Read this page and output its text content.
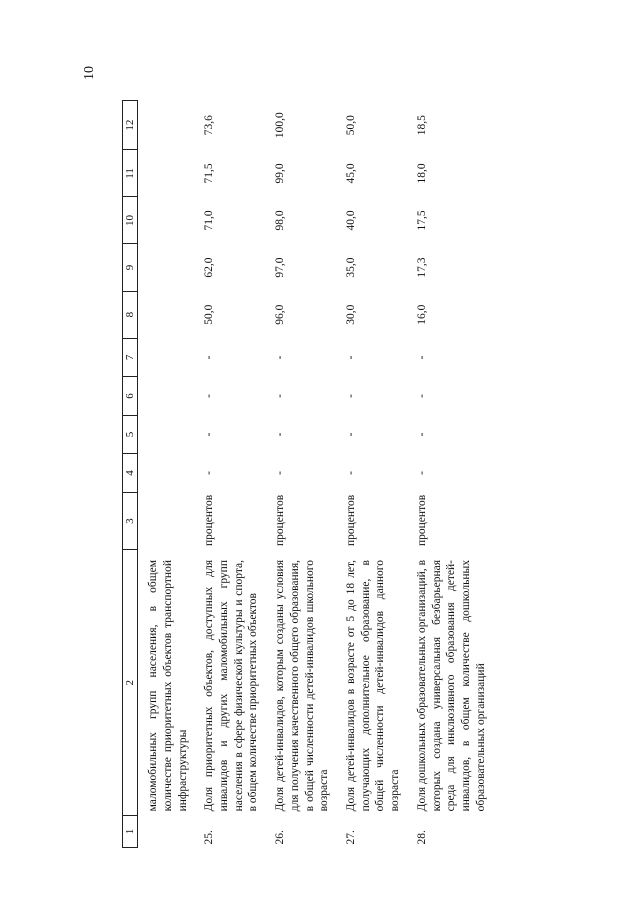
10
1	2	3	4	5	6	7	8	9	10	11	12
	маломобильных групп населения, в общем количестве приоритетных объектов транспортной инфраструктуры										
25.	Доля приоритетных объектов, доступных для инвалидов и других маломобильных групп населения в сфере физической культуры и спорта, в общем количестве приоритетных объектов	процентов	-	-	-	-	50,0	62,0	71,0	71,5	73,6
26.	Доля детей-инвалидов, которым созданы условия для получения качественного общего образования, в общей численности детей-инвалидов школьного возраста	процентов	-	-	-	-	96,0	97,0	98,0	99,0	100,0
27.	Доля детей-инвалидов в возрасте от 5 до 18 лет, получающих дополнительное образование, в общей численности детей-инвалидов данного возраста	процентов	-	-	-	-	30,0	35,0	40,0	45,0	50,0
28.	Доля дошкольных образовательных организаций, в которых создана универсальная безбарьерная среда для инклюзивного образования детей-инвалидов, в общем количестве дошкольных образовательных организаций	процентов	-	-	-	-	16,0	17,3	17,5	18,0	18,5
